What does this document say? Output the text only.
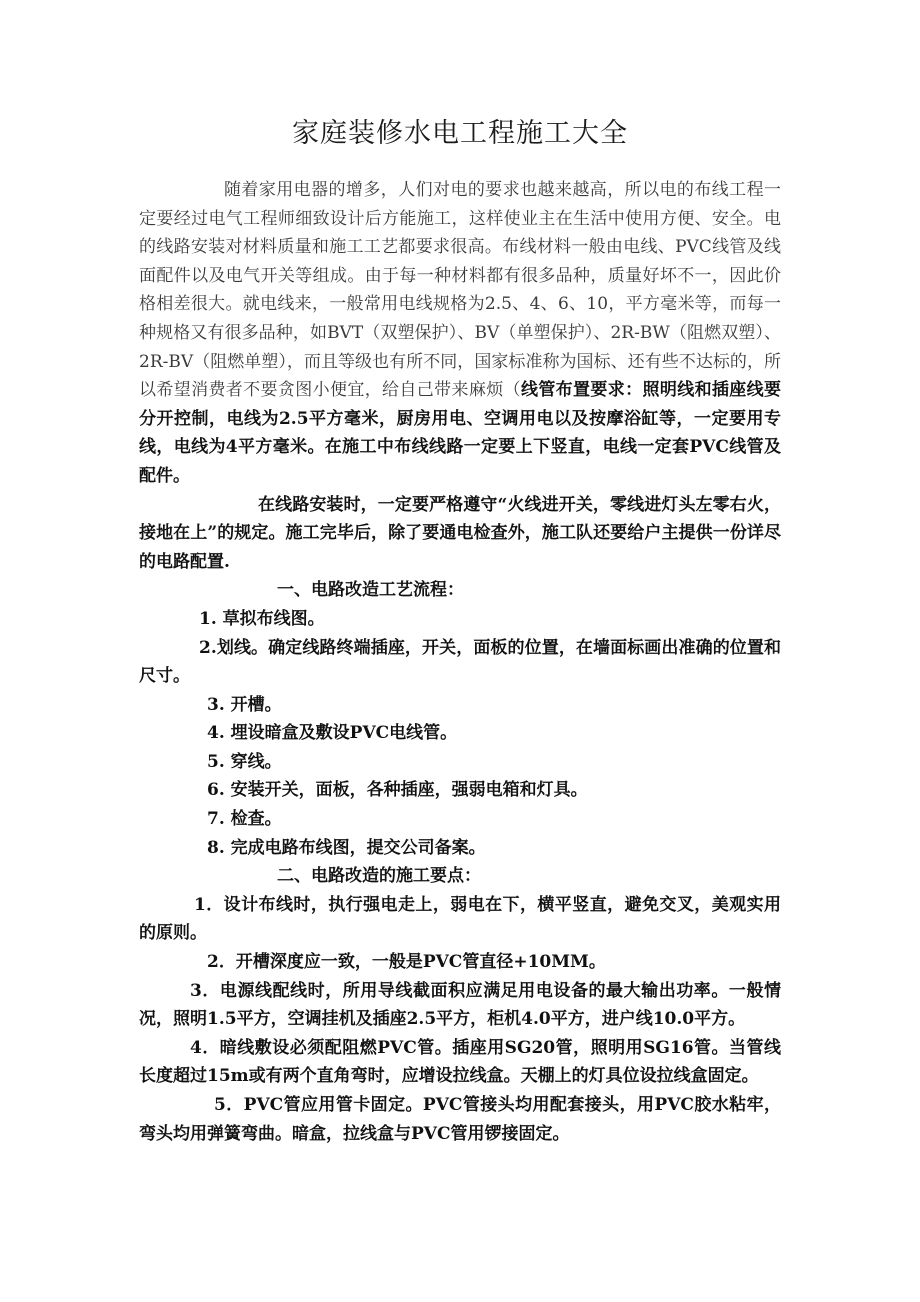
家庭装修水电工程施工大全

随着家用电器的增多，人们对电的要求也越来越高，所以电的布线工程一定要经过电气工程师细致设计后方能施工，这样使业主在生活中使用方便、安全。电的线路安装对材料质量和施工工艺都要求很高。布线材料一般由电线、PVC线管及线面配件以及电气开关等组成。由于每一种材料都有很多品种，质量好坏不一，因此价格相差很大。就电线来，一般常用电线规格为2.5、4、6、10，平方毫米等，而每一种规格又有很多品种，如BVT（双塑保护）、BV（单塑保护）、2R-BW（阻燃双塑）、2R-BV（阻燃单塑），而且等级也有所不同，国家标准称为国标、还有些不达标的，所以希望消费者不要贪图小便宜，给自己带来麻烦（线管布置要求：照明线和插座线要分开控制，电线为2.5平方毫米，厨房用电、空调用电以及按摩浴缸等，一定要用专线，电线为4平方毫米。在施工中布线线路一定要上下竖直，电线一定套PVC线管及配件。

在线路安装时，一定要严格遵守“火线进开关，零线进灯头左零右火，接地在上”的规定。施工完毕后，除了要通电检查外，施工队还要给户主提供一份详尽的电路配置.

一、电路改造工艺流程：

1. 草拟布线图。

2.划线。确定线路终端插座，开关，面板的位置，在墙面标画出准确的位置和尺寸。

3. 开槽。

4. 埋设暗盒及敷设PVC电线管。

5. 穿线。

6. 安装开关，面板，各种插座，强弱电箱和灯具。

7. 检查。

8. 完成电路布线图，提交公司备案。

二、电路改造的施工要点：

1．设计布线时，执行强电走上，弱电在下，横平竖直，避免交叉，美观实用的原则。

2．开槽深度应一致，一般是PVC管直径+10MM。

3．电源线配线时，所用导线截面积应满足用电设备的最大输出功率。一般情况，照明1.5平方，空调挂机及插座2.5平方，柜机4.0平方，进户线10.0平方。

4．暗线敷设必须配阻燃PVC管。插座用SG20管，照明用SG16管。当管线长度超过15m或有两个直角弯时，应增设拉线盒。天棚上的灯具位设拉线盒固定。

5．PVC管应用管卡固定。PVC管接头均用配套接头，用PVC胶水粘牢，弯头均用弹簧弯曲。暗盒，拉线盒与PVC管用锣接固定。
